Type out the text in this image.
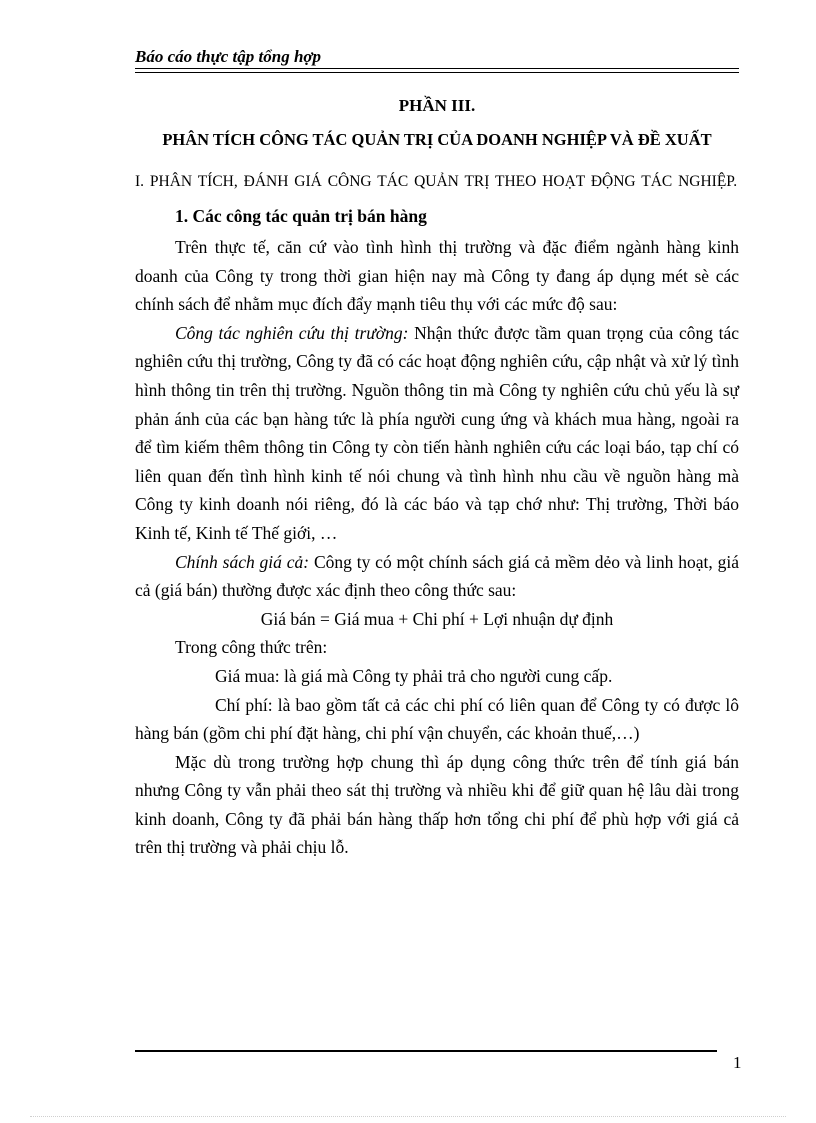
Báo cáo thực tập tổng hợp

PHẦN III.

PHÂN TÍCH CÔNG TÁC QUẢN TRỊ CỦA DOANH NGHIỆP VÀ ĐỀ XUẤT

I. PHÂN TÍCH, ĐÁNH GIÁ CÔNG TÁC QUẢN TRỊ THEO HOẠT ĐỘNG TÁC NGHIỆP.

1. Các công tác quản trị bán hàng

Trên thực tế, căn cứ vào tình hình thị trường và đặc điểm ngành hàng kinh doanh của Công ty trong thời gian hiện nay mà Công ty đang áp dụng mét sè các chính sách để nhằm mục đích đẩy mạnh tiêu thụ với các mức độ sau:

Công tác nghiên cứu thị trường: Nhận thức được tầm quan trọng của công tác nghiên cứu thị trường, Công ty đã có các hoạt động nghiên cứu, cập nhật và xử lý tình hình thông tin trên thị trường. Nguồn thông tin mà Công ty nghiên cứu chủ yếu là sự phản ánh của các bạn hàng tức là phía người cung ứng và khách mua hàng, ngoài ra để tìm kiếm thêm thông tin Công ty còn tiến hành nghiên cứu các loại báo, tạp chí có liên quan đến tình hình kinh tế nói chung và tình hình nhu cầu về nguồn hàng mà Công ty kinh doanh nói riêng, đó là các báo và tạp chớ như: Thị trường, Thời báo Kinh tế, Kinh tế Thế giới, …

Chính sách giá cả: Công ty có một chính sách giá cả mềm dẻo và linh hoạt, giá cả (giá bán) thường được xác định theo công thức sau:

Giá bán = Giá mua + Chi phí + Lợi nhuận dự định

Trong công thức trên:

Giá mua: là giá mà Công ty phải trả cho người cung cấp.

Chí phí: là bao gồm tất cả các chi phí có liên quan để Công ty có được lô hàng bán (gồm chi phí đặt hàng, chi phí vận chuyển, các khoản thuế,…)

Mặc dù trong trường hợp chung thì áp dụng công thức trên để tính giá bán nhưng Công ty vẫn phải theo sát thị trường và nhiều khi để giữ quan hệ lâu dài trong kinh doanh, Công ty đã phải bán hàng thấp hơn tổng chi phí để phù hợp với giá cả trên thị trường và phải chịu lỗ.

1
